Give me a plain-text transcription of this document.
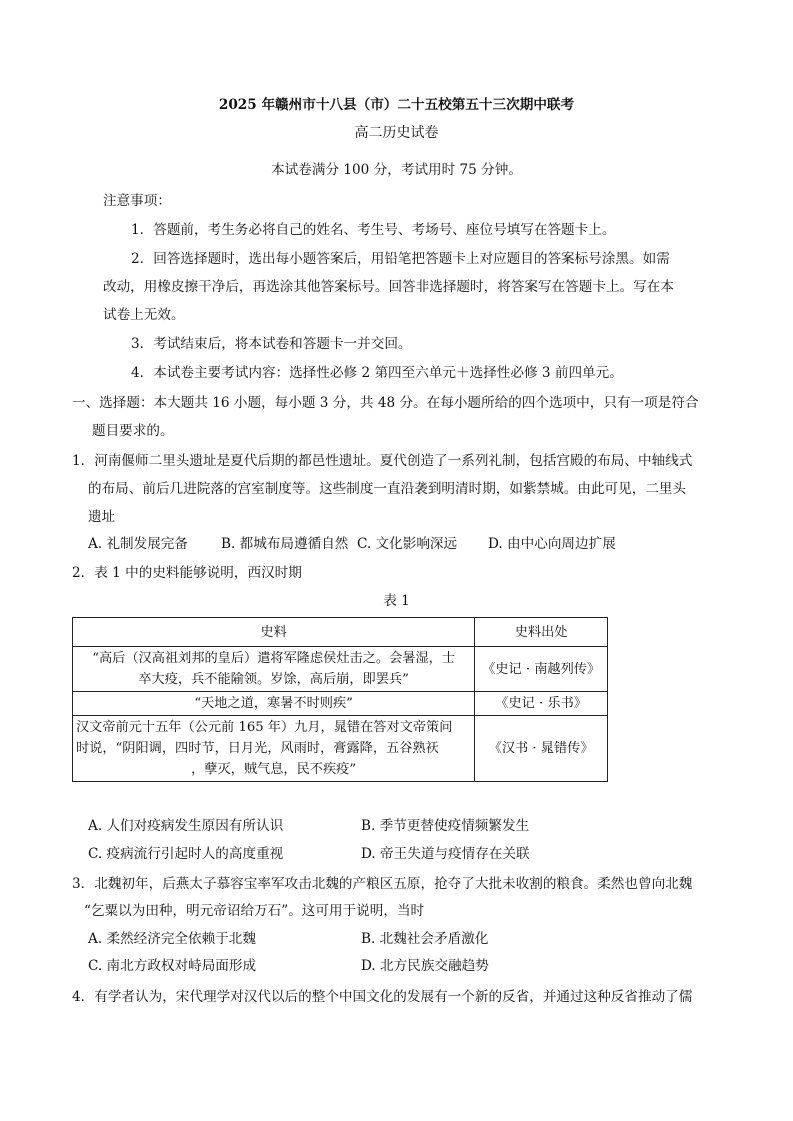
2025 年赣州市十八县（市）二十五校第五十三次期中联考
高二历史试卷
本试卷满分 100 分，考试用时 75 分钟。
注意事项：
1．答题前，考生务必将自己的姓名、考生号、考场号、座位号填写在答题卡上。
2．回答选择题时，选出每小题答案后，用铅笔把答题卡上对应题目的答案标号涂黑。如需
改动，用橡皮擦干净后，再选涂其他答案标号。回答非选择题时，将答案写在答题卡上。写在本
试卷上无效。
3．考试结束后，将本试卷和答题卡一并交回。
4．本试卷主要考试内容：选择性必修 2 第四至六单元＋选择性必修 3 前四单元。
一、选择题：本大题共 16 小题，每小题 3 分，共 48 分。在每小题所给的四个选项中，只有一项是符合
题目要求的。
1．河南偃师二里头遗址是夏代后期的都邑性遗址。夏代创造了一系列礼制，包括宫殿的布局、中轴线式
的布局、前后几进院落的宫室制度等。这些制度一直沿袭到明清时期，如紫禁城。由此可见，二里头
遗址
A. 礼制发展完备 B. 都城布局遵循自然 C. 文化影响深远 D. 由中心向周边扩展
2．表 1 中的史料能够说明，西汉时期
表 1
史料	史料出处

“高后（汉高祖刘邦的皇后）遣将军隆虑侯灶击之。会暑湿，士
卒大疫，兵不能隃领。岁馀，高后崩，即罢兵”	《史记 · 南越列传》
“天地之道，寒暑不时则疾”	《史记 · 乐书》

汉文帝前元十五年（公元前 165 年）九月，晁错在答对文帝策问
时说，“阴阳调，四时节，日月光，风雨时，膏露降，五谷熟祆
，孽灭，贼气息，民不疾疫”	《汉书 · 晁错传》
A. 人们对疫病发生原因有所认识	B. 季节更替使疫情频繁发生
C. 疫病流行引起时人的高度重视	D. 帝王失道与疫情存在关联
3．北魏初年，后燕太子慕容宝率军攻击北魏的产粮区五原，抢夺了大批未收割的粮食。柔然也曾向北魏
“乞粟以为田种，明元帝诏给万石”。这可用于说明，当时
A. 柔然经济完全依赖于北魏	B. 北魏社会矛盾激化
C. 南北方政权对峙局面形成	D. 北方民族交融趋势
4．有学者认为，宋代理学对汉代以后的整个中国文化的发展有一个新的反省，并通过这种反省推动了儒
